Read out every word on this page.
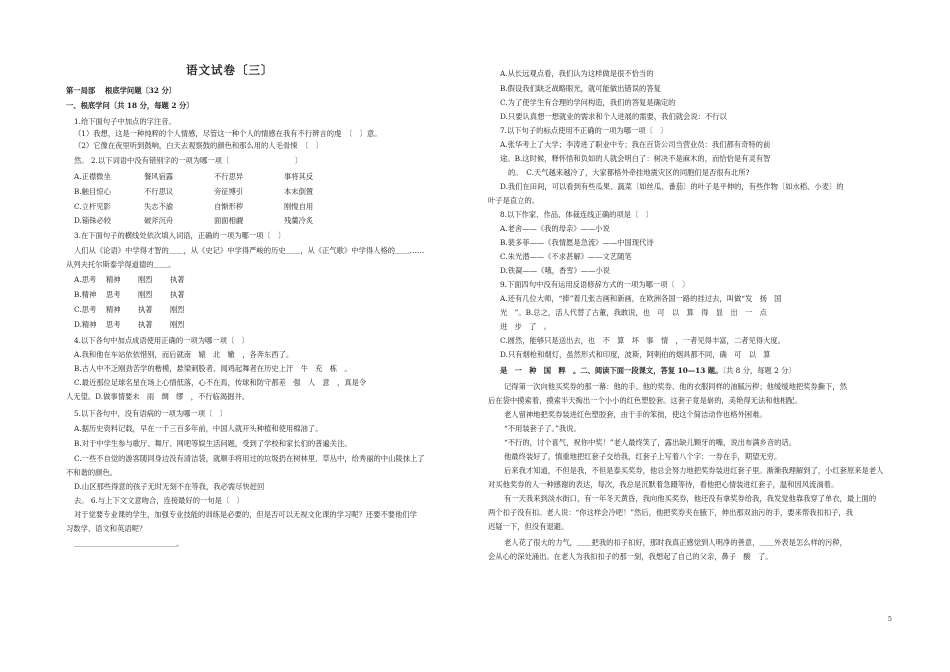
语文试卷〔三〕
第一局部　 根底学问题〔32 分〕
一、根底学问〔共 18 分，每题 2 分〕
1.给下面句子中加点的字注音。
（1）我想，这是一种纯粹的个人情感，尽管这一种个人的情感在我有不行辨言的虔　〔　〕意。
（2）它像在夜里听到鼓响，白天去观察鼓的颜色和那么用的人毛骨悚　〔　〕
然。 2.以下词语中没有错别字的一项为哪一项〔　　　　　　　　　〕
A.正襟微坐	餐风宿露	不行思异	事将其反
B.触目惊心	不行思议	旁征博引	本末倒置
C.立杆见影	失志不渝	自惭形秽	刚愎自用
D.锱铢必较	破斧沉舟	面面相觑	残羹冷炙
3.在下面句子的横线处依次填入词语，正确的一项为哪一项〔　〕
人们从《论语》中学得才智的＿＿，从《史记》中学得严峻的历史＿＿，从《正气歌》中学得人格的＿＿……
从列夫托尔斯泰学得道德的＿＿。
A.思考 精神 刚烈 执著
B.精神 思考 刚烈 执著
C.思考 精神 执著 刚烈
D.精神 思考 执著 刚烈
4.以下各句中加点成语使用正确的一项为哪一项〔　〕
A.我和他在车站依依惜别，而后就南　辕　北　辙　，各奔东西了。
B.古人中不乏刚劲苦学的楷模，悬梁刺股者、闻鸡起舞者在历史上汗　牛　充　栋　。
C.最近那位足球名星在场上心情低落，心不在焉，传球和防守都差　强　人　意　，真是令
人无望。D.做事情要未　雨　绸　缪　，不行临渴掘井。
5.以下各句中，没有语病的一项为哪一项〔　〕
A.据历史资料记载，早在一千三百多年前，中国人就开头种植和使用棉油了。
B.对于中学生参与歌厅、舞厅、网吧等娱生活问题，受到了学校和家长们的普遍关注。
C.一些不自觉的游客随同身边没有清洁袋，就顺手将用过的垃圾扔在树林里、草丛中，给秀丽的中山陵抹上了
不和谐的颜色。
D.山区那些得意的孩子无时无刻不在等我，我必需尽快赶回
去。 6.与上下文文意吻合，连接最好的一句是〔　〕
对于觉要专业课的学生，加强专业技能的训练是必要的，但是否可以无视文化课的学习呢？还要不要他们学
习数学、语文和英语呢？
＿＿＿＿＿＿＿＿＿＿＿＿＿＿。
A.从长远观点看，我们认为这样做是很不恰当的
B.假设我们缺乏战略眼光，就可能做出错误的答复
C.为了使学生有合理的学问构造，我们的答复是确定的
D.只要认真想一想就业的需求和个人进展的需要，我们就会说：不行以
7.以下句子的标点使用不正确的一项为哪一项〔　〕
A.张华考上了大学；李涛进了职业中专；我在百货公司当营业员：我们都有奇特的前
途。B.这时候，释怀悟和负如的人就会明白了：树决不是麻木的，而恰恰是有灵有智
的。　C.天气越来越冷了，大家都格外牵挂地震灾区的同胞们是否很有北所?
D.我们在田间，可以看到有些瓜果、蔬菜〔如丝瓜、番茄〕的叶子是平伸的，有些作物〔如水稻、小麦〕的
叶子是直立的。
8.以下作家、作品、体裁连线正确的项是〔　〕
A.老舍——《我的母亲》——小说
B.裴多菲——《我情愿是急流》——中国现代诗
C.朱光潜——《不求甚解》——文艺随笔
D.铁凝——《哦，香雪》——小说
9.下面四句中没有运用反语修辞方式的一项为哪一项〔　〕
A.还有几位大师，“捧”着几张古画和新画，在欧洲各国一路的挂过去，叫做“发　扬　国
光　”。B.总之，活人代替了古董，我敢说，也　可　以　算　得　显　出　一　点
进　步　了　。
C.圆然，能够只是送出去，也　不　算　坏　事　情　，一者见得丰富，二者见得大度。
D.只有烟枪和烟灯，虽然形式和印度，波斯，阿剌伯的烟具都不同，确　可　以　算
是　一　种　国　粹　。二、阅读下面一段课文，答复 10—13 题。〔共 8 分，每题 2 分〕
记得第一次向他买奖券的那一幕：他的手、他的奖券、他的衣服同样的油腻污秽；他缓缓地把奖券撕下，然
后在袋中摸索着，摸索半天掏出一个小小的红色塑胶套。这套子竟是崭的，美艳得无法和他相配。
老人留神地把奖券装进红色塑胶套，由于手的笨拙，使这个简洁动作也格外困难。
“不用装套子了。”我说。
“不行的，讨个喜气，祝你中奖！”老人最终笑了，露出缺儿颗牙的嘴，说出布满乡音的话。
他最终装好了，慎重地把红套子交给我，红套子上写着八个字：一券在手，期望无穷。
后来我才知道，不但是我，不但是泰买奖券，他总会努力地把奖券装进红套子里。渐渐我理解到了，小红套原来是老人
对买他奖券的人一种感谢的表达，每次，我总是沉默着急蹑等待，看他把心情装进红套子，温和因风流淌着。
有一天我来到淡水街口，有一年冬天黄昏，我向他买奖券，他还没有拿奖券给我，我发觉他靠我穿了单衣，最上面的
两个扣子没有扣。老人说：“你这样会冷吧！”然后，他把奖券夹在腋下，伸出那双油污的手，要来帮我扣扣子，我
迟疑一下，但没有退避。
老人花了很大的力气，＿＿把我的扣子扣好，那时我真正感觉到人明净的善意，＿＿外表是怎么样的污秽，
会从心的深处涌出。在老人为我扣扣子的那一刻，我想起了自己的父亲，鼻子　酸　了。
5
